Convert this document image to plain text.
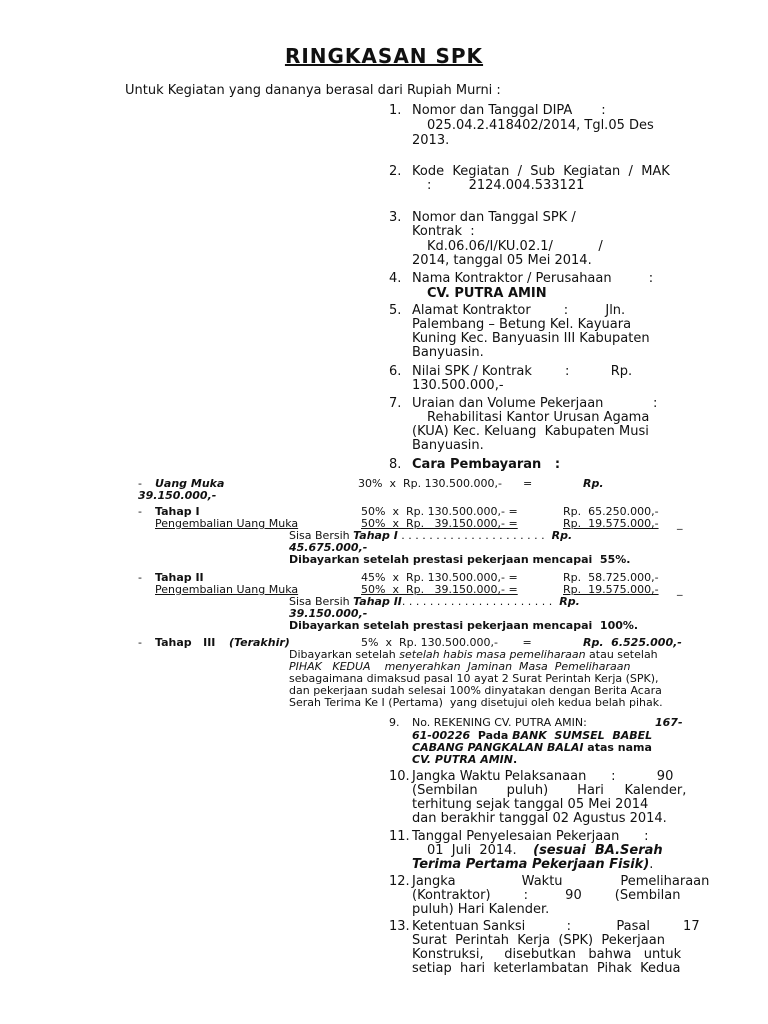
RINGKASAN SPK
Untuk Kegiatan yang dananya berasal dari Rupiah Murni :
1. Nomor dan Tanggal DIPA       :
025.04.2.418402/2014, Tgl.05 Des
2013.
2. Kode  Kegiatan  /  Sub  Kegiatan  /  MAK
:         2124.004.533121
3. Nomor dan Tanggal SPK /
Kontrak  :
Kd.06.06/I/KU.02.1/           /
2014, tanggal 05 Mei 2014.
4. Nama Kontraktor / Perusahaan         :
CV. PUTRA AMIN
5. Alamat Kontraktor        :         Jln.
Palembang – Betung Kel. Kayuara
Kuning Kec. Banyuasin III Kabupaten
Banyuasin.
6. Nilai SPK / Kontrak        :          Rp.
130.500.000,-
7. Uraian dan Volume Pekerjaan            :
Rehabilitasi Kantor Urusan Agama
(KUA) Kec. Keluang  Kabupaten Musi
Banyuasin.
8. Cara Pembayaran   :
- Uang Muka	30%  x  Rp. 130.500.000,-      =	Rp.
39.150.000,-
- Tahap I	50%  x  Rp. 130.500.000,- =	Rp.  65.250.000,-
Pengembalian Uang Muka	50%  x  Rp.   39.150.000,- =	Rp.  19.575.000,- _
Sisa Bersih Tahap I . . . . . . . . . . . . . . . . . . . . .  Rp.
45.675.000,-
Dibayarkan setelah prestasi pekerjaan mencapai  55%.
- Tahap II	45%  x  Rp. 130.500.000,- =	Rp.  58.725.000,-
Pengembalian Uang Muka	50%  x  Rp.   39.150.000,- =	Rp.  19.575.000,- _
Sisa Bersih Tahap II. . . . . . . . . . . . . . . . . . . . . .  Rp.
39.150.000,-
Dibayarkan setelah prestasi pekerjaan mencapai  100%.
- Tahap   III (Terakhir)	5%  x  Rp. 130.500.000,-       =	Rp.  6.525.000,-
Dibayarkan setelah setelah habis masa pemeliharaan atau setelah
PIHAK   KEDUA    menyerahkan  Jaminan  Masa  Pemeliharaan
sebagaimana dimaksud pasal 10 ayat 2 Surat Perintah Kerja (SPK),
dan pekerjaan sudah selesai 100% dinyatakan dengan Berita Acara
Serah Terima Ke I (Pertama)  yang disetujui oleh kedua belah pihak.
9. No. REKENING CV. PUTRA AMIN:	167-
61-00226  Pada BANK  SUMSEL  BABEL
CABANG PANGKALAN BALAI atas nama
CV. PUTRA AMIN.
10. Jangka Waktu Pelaksanaan      :          90
(Sembilan       puluh)       Hari     Kalender,
terhitung sejak tanggal 05 Mei 2014
dan berakhir tanggal 02 Agustus 2014.
11. Tanggal Penyelesaian Pekerjaan      :
01  Juli  2014.    (sesuai  BA.Serah
Terima Pertama Pekerjaan Fisik).
12. Jangka                Waktu              Pemeliharaan
(Kontraktor)        :         90        (Sembilan
puluh) Hari Kalender.
13. Ketentuan Sanksi          :           Pasal        17
Surat  Perintah  Kerja  (SPK)  Pekerjaan
Konstruksi,     disebutkan   bahwa   untuk
setiap  hari  keterlambatan  Pihak  Kedua
